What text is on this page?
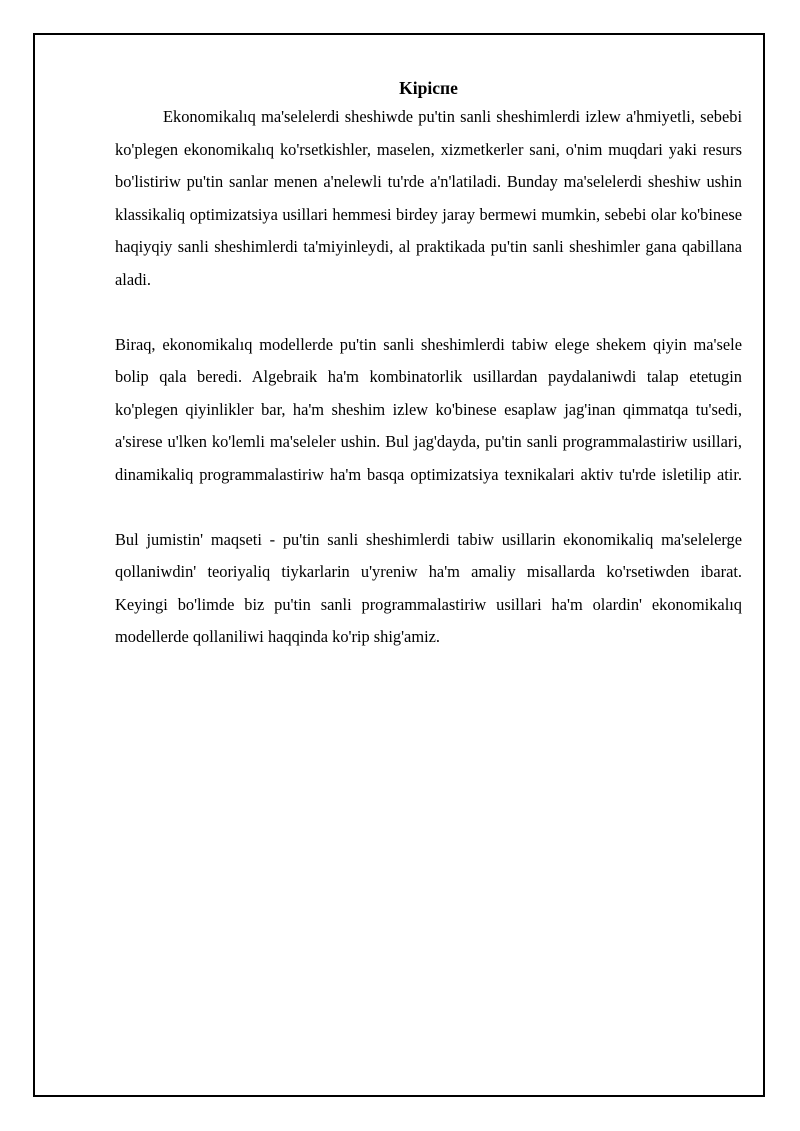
Kipicпe

Ekonomikalıq ma'selelerdi sheshiwde pu'tin sanli sheshimlerdi izlew a'hmiyetli, sebebi ko'plegen ekonomikalıq ko'rsetkishler, maselen, xizmetkerler sani, o'nim muqdari yaki resurs bo'listiriw pu'tin sanlar menen a'nelewli tu'rde a'n'latiladi. Bunday ma'selelerdi sheshiw ushin klassikaliq optimizatsiya usillari hemmesi birdey jaray bermewi mumkin, sebebi olar ko'binese haqiyqiy sanli sheshimlerdі ta'miyinleydi, al praktikada pu'tin sanli sheshimler gana qabillana aladi.

Biraq, ekonomikalıq modellerde pu'tin sanli sheshimlerdi tabiw elege shekem qiyin ma'sele bolip qala beredi. Algebraik ha'm kombinatorlik usillardan paydalaniwdi talap etetugin ko'plegen qiyinlikler bar, ha'm sheshim izlew ko'binese esaplaw jag'inan qimmatqa tu'sedi, a'sirese u'lken ko'lemli ma'seleler ushin. Bul jag'dayda, pu'tin sanli programmalastiriw usillari, dinamikaliq programmalastiriw ha'm basqa optimizatsiya texnikalari aktiv tu'rde isletilip atir.

Bul jumistin' maqseti - pu'tin sanli sheshimlerdi tabiw usillarin ekonomikaliq ma'selelerge qollaniwdin' teoriyaliq tiykarlarin u'yreniw ha'm amaliy misallarda ko'rsetiwden ibarat. Keyingi bo'limde biz pu'tin sanli programmalastiriw usillari ha'm olardin' ekonomikalıq modellerde qollaniliwi haqqinda ko'rip shig'amiz.
